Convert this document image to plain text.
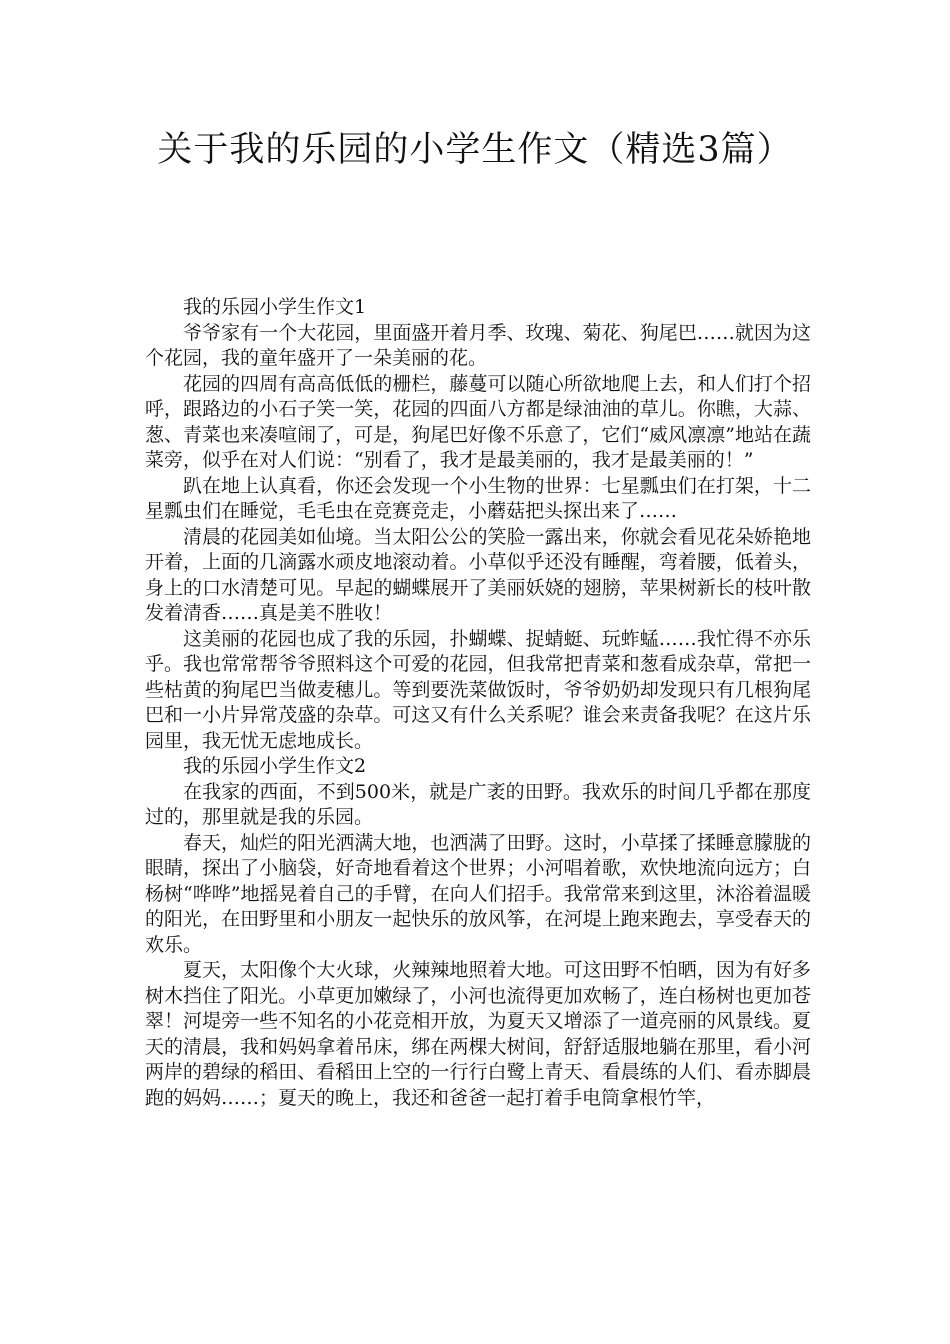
关于我的乐园的小学生作文（精选3篇）

我的乐园小学生作文1

爷爷家有一个大花园，里面盛开着月季、玫瑰、菊花、狗尾巴……就因为这个花园，我的童年盛开了一朵美丽的花。

花园的四周有高高低低的栅栏，藤蔓可以随心所欲地爬上去，和人们打个招呼，跟路边的小石子笑一笑，花园的四面八方都是绿油油的草儿。你瞧，大蒜、葱、青菜也来凑喧闹了，可是，狗尾巴好像不乐意了，它们“威风凛凛”地站在蔬菜旁，似乎在对人们说：“别看了，我才是最美丽的，我才是最美丽的！”

趴在地上认真看，你还会发现一个小生物的世界：七星瓢虫们在打架，十二星瓢虫们在睡觉，毛毛虫在竞赛竞走，小蘑菇把头探出来了……

清晨的花园美如仙境。当太阳公公的笑脸一露出来，你就会看见花朵娇艳地开着，上面的几滴露水顽皮地滚动着。小草似乎还没有睡醒，弯着腰，低着头，身上的口水清楚可见。早起的蝴蝶展开了美丽妖娆的翅膀，苹果树新长的枝叶散发着清香……真是美不胜收！

这美丽的花园也成了我的乐园，扑蝴蝶、捉蜻蜓、玩蚱蜢……我忙得不亦乐乎。我也常常帮爷爷照料这个可爱的花园，但我常把青菜和葱看成杂草，常把一些枯黄的狗尾巴当做麦穗儿。等到要洗菜做饭时，爷爷奶奶却发现只有几根狗尾巴和一小片异常茂盛的杂草。可这又有什么关系呢？谁会来责备我呢？在这片乐园里，我无忧无虑地成长。

我的乐园小学生作文2

在我家的西面，不到500米，就是广袤的田野。我欢乐的时间几乎都在那度过的，那里就是我的乐园。

春天，灿烂的阳光洒满大地，也洒满了田野。这时，小草揉了揉睡意朦胧的眼睛，探出了小脑袋，好奇地看着这个世界；小河唱着歌，欢快地流向远方；白杨树“哗哗”地摇晃着自己的手臂，在向人们招手。我常常来到这里，沐浴着温暖的阳光，在田野里和小朋友一起快乐的放风筝，在河堤上跑来跑去，享受春天的欢乐。

夏天，太阳像个大火球，火辣辣地照着大地。可这田野不怕晒，因为有好多树木挡住了阳光。小草更加嫩绿了，小河也流得更加欢畅了，连白杨树也更加苍翠！河堤旁一些不知名的小花竞相开放，为夏天又增添了一道亮丽的风景线。夏天的清晨，我和妈妈拿着吊床，绑在两棵大树间，舒舒适服地躺在那里，看小河两岸的碧绿的稻田、看稻田上空的一行行白鹭上青天、看晨练的人们、看赤脚晨跑的妈妈……；夏天的晚上，我还和爸爸一起打着手电筒拿根竹竿，
